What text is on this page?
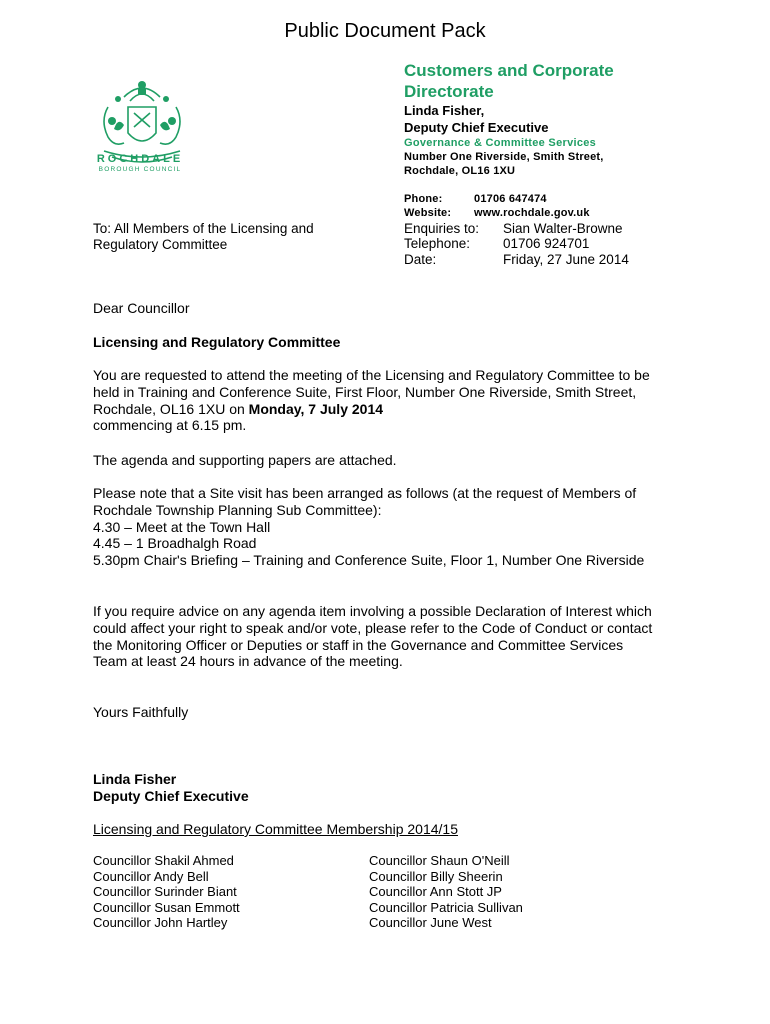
Public Document Pack
ROCHDALE
BOROUGH COUNCIL
Customers and Corporate Directorate
Linda Fisher,
Deputy Chief Executive
Governance & Committee Services
Number One Riverside, Smith Street,
Rochdale, OL16 1XU
Phone:	01706 647474
Website: www.rochdale.gov.uk
Enquiries to: Sian Walter-Browne
Telephone: 01706 924701
Date:	Friday, 27 June 2014
To: All Members of the Licensing and Regulatory Committee
Dear Councillor
Licensing and Regulatory Committee
You are requested to attend the meeting of the Licensing and Regulatory Committee to be held in Training and Conference Suite, First Floor, Number One Riverside, Smith Street, Rochdale, OL16 1XU on Monday, 7 July 2014
commencing at 6.15 pm.
The agenda and supporting papers are attached.

Please note that a Site visit has been arranged as follows (at the request of Members of Rochdale Township Planning Sub Committee):

4.30 – Meet at the Town Hall

4.45 – 1 Broadhalgh Road

5.30pm Chair's Briefing – Training and Conference Suite, Floor 1, Number One Riverside

If you require advice on any agenda item involving a possible Declaration of Interest which could affect your right to speak and/or vote, please refer to the Code of Conduct or contact the Monitoring Officer or Deputies or staff in the Governance and Committee Services Team at least 24 hours in advance of the meeting.
Yours Faithfully
Linda Fisher
Deputy Chief Executive
Licensing and Regulatory Committee Membership 2014/15
Councillor Shakil Ahmed
Councillor Andy Bell
Councillor Surinder Biant
Councillor Susan Emmott
Councillor John Hartley
Councillor Shaun O'Neill
Councillor Billy Sheerin
Councillor Ann Stott JP
Councillor Patricia Sullivan
Councillor June West
